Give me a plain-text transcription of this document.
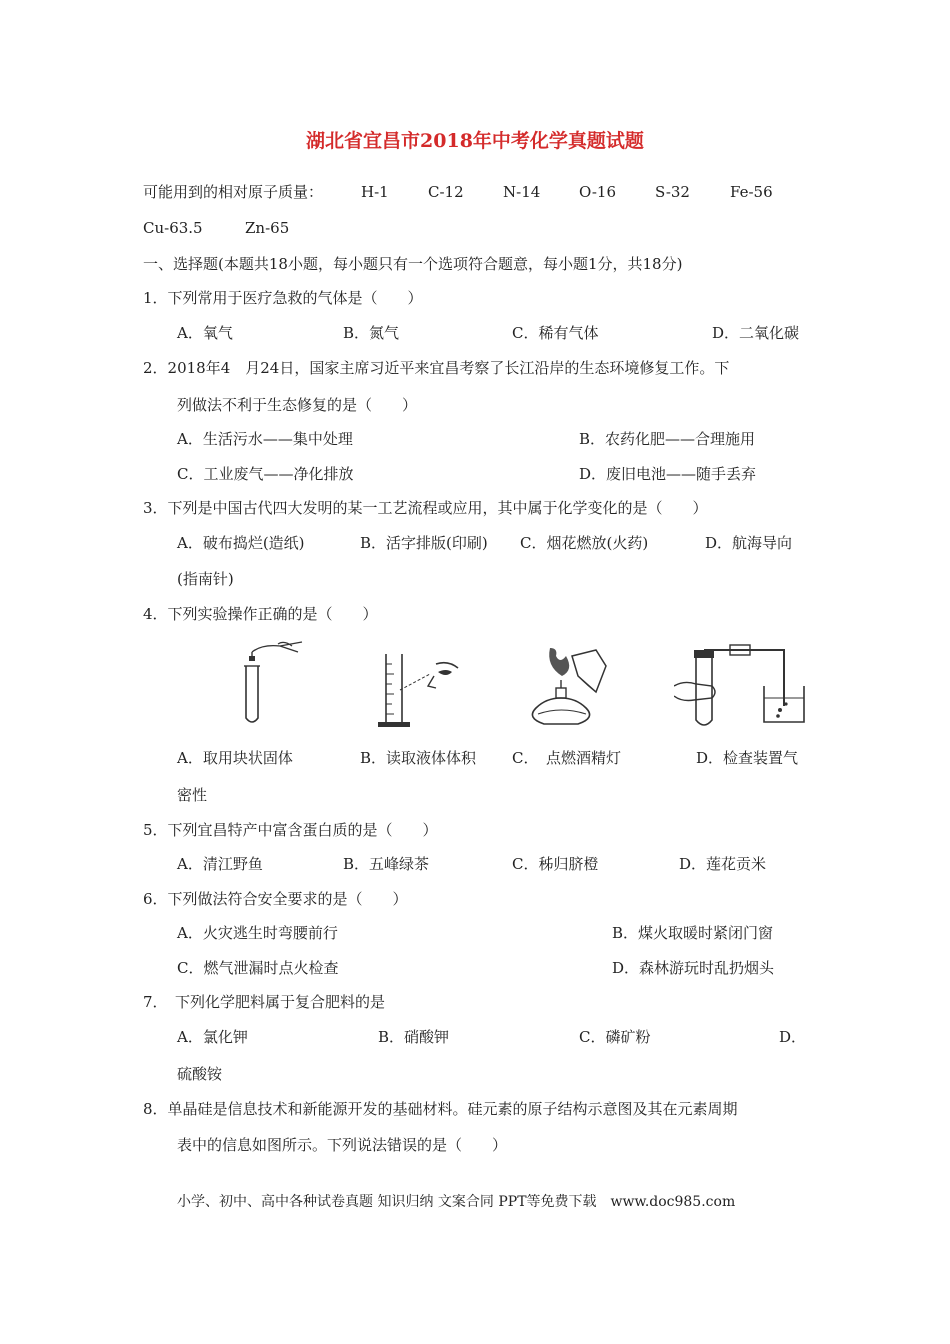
湖北省宜昌市2018年中考化学真题试题
可能用到的相对原子质量：	H-1	C-12	N-14	O-16	S-32	Fe-56
Cu-63.5	Zn-65
一、选择题(本题共18小题，每小题只有一个选项符合题意，每小题1分，共18分)
1．下列常用于医疗急救的气体是（　　）
A．氧气	B．氮气	C．稀有气体	D．二氧化碳
2．2018年4　月24日，国家主席习近平来宜昌考察了长江沿岸的生态环境修复工作。下
列做法不利于生态修复的是（　　）
A．生活污水——集中处理	B．农药化肥——合理施用
C．工业废气——净化排放	D．废旧电池——随手丢弃
3．下列是中国古代四大发明的某一工艺流程或应用，其中属于化学变化的是（　　）
A．破布捣烂(造纸)	B．活字排版(印刷) C．烟花燃放(火药)	D．航海导向
(指南针)
4．下列实验操作正确的是（　　）
A．取用块状固体	B．读取液体体积 C．　点燃酒精灯	D．检查装置气
密性
5．下列宜昌特产中富含蛋白质的是（　　）
A．清江野鱼	B．五峰绿茶	C．秭归脐橙	D．莲花贡米
6．下列做法符合安全要求的是（　　）
A．火灾逃生时弯腰前行	B．煤火取暖时紧闭门窗
C．燃气泄漏时点火检查	D．森林游玩时乱扔烟头
7．　下列化学肥料属于复合肥料的是
A．氯化钾	B．硝酸钾	C．磷矿粉	D．
硫酸铵
8．单晶硅是信息技术和新能源开发的基础材料。硅元素的原子结构示意图及其在元素周期
表中的信息如图所示。下列说法错误的是（　　）
小学、初中、高中各种试卷真题 知识归纳 文案合同 PPT等免费下载　www.doc985.com
